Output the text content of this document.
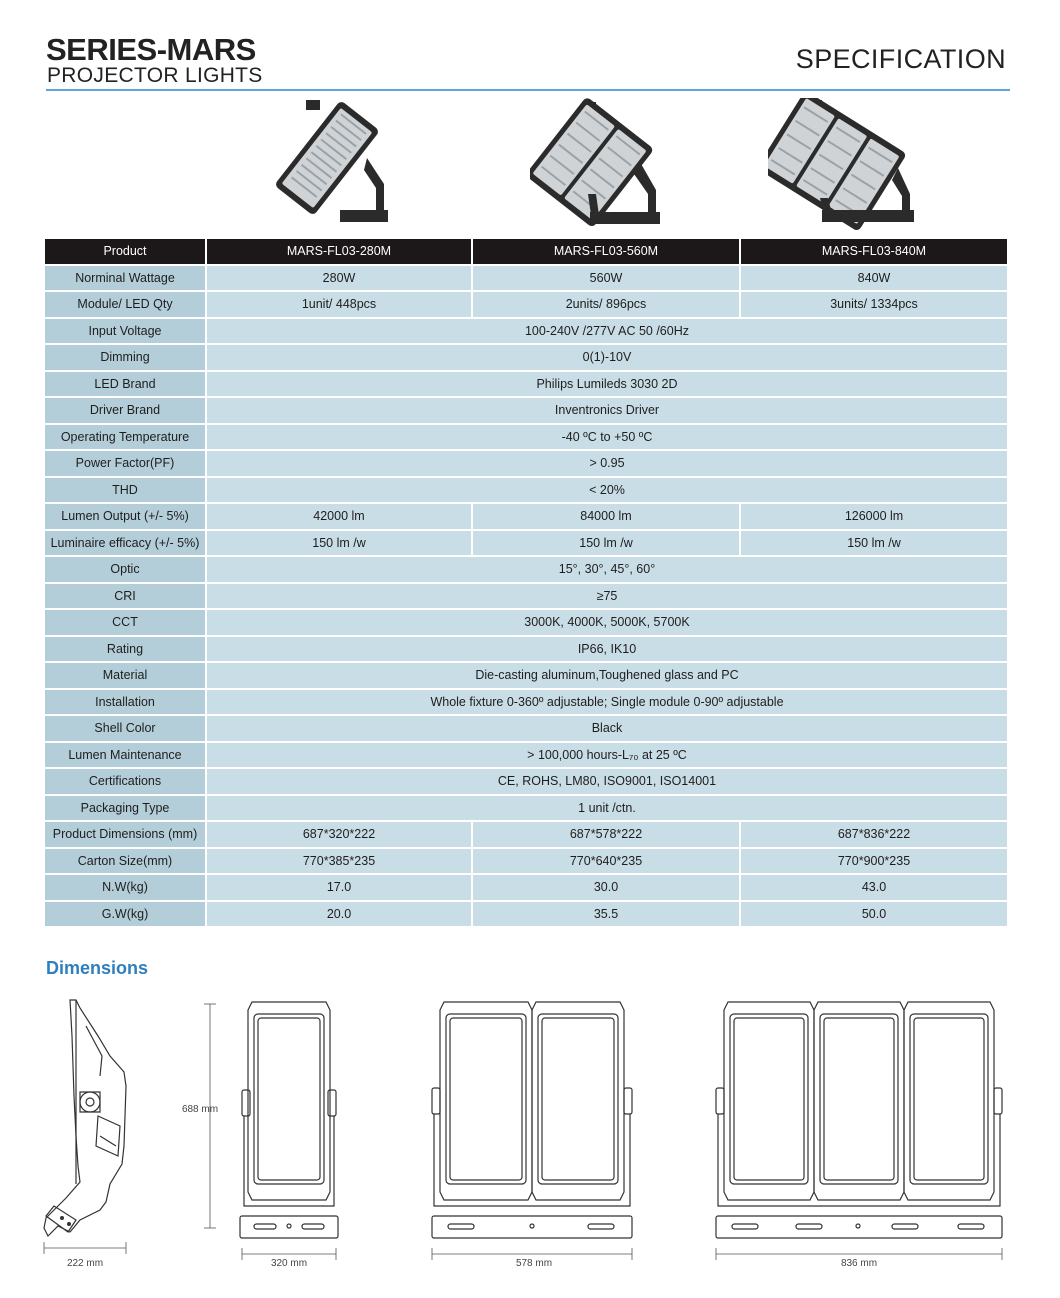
SERIES-MARS
PROJECTOR LIGHTS
SPECIFICATION
Product	MARS-FL03-280M	MARS-FL03-560M	MARS-FL03-840M
Norminal Wattage	280W	560W	840W
Module/ LED Qty	1unit/ 448pcs	2units/ 896pcs	3units/ 1334pcs
Input Voltage	100-240V /277V AC 50 /60Hz		
Dimming	0(1)-10V		
LED Brand	Philips Lumileds 3030 2D		
Driver Brand	Inventronics Driver		
Operating Temperature	-40 ºC to +50 ºC		
Power Factor(PF)	> 0.95		
THD	< 20%		
Lumen Output (+/- 5%)	42000 lm	84000 lm	126000 lm
Luminaire efficacy (+/- 5%)	150 lm /w	150 lm /w	150 lm /w
Optic	15°, 30°, 45°, 60°		
CRI	≥75		
CCT	3000K, 4000K, 5000K, 5700K		
Rating	IP66, IK10		
Material	Die-casting aluminum,Toughened glass and PC		
Installation	Whole fixture 0-360º adjustable; Single module 0-90º adjustable		
Shell Color	Black		
Lumen Maintenance	> 100,000 hours-L₇₀ at 25 ºC		
Certifications	CE, ROHS, LM80, ISO9001, ISO14001		
Packaging Type	1 unit /ctn.		
Product Dimensions (mm)	687*320*222	687*578*222	687*836*222
Carton Size(mm)	770*385*235	770*640*235	770*900*235
N.W(kg)	17.0	30.0	43.0
G.W(kg)	20.0	35.5	50.0
Dimensions
222 mm
688 mm
320 mm	578 mm	836 mm
